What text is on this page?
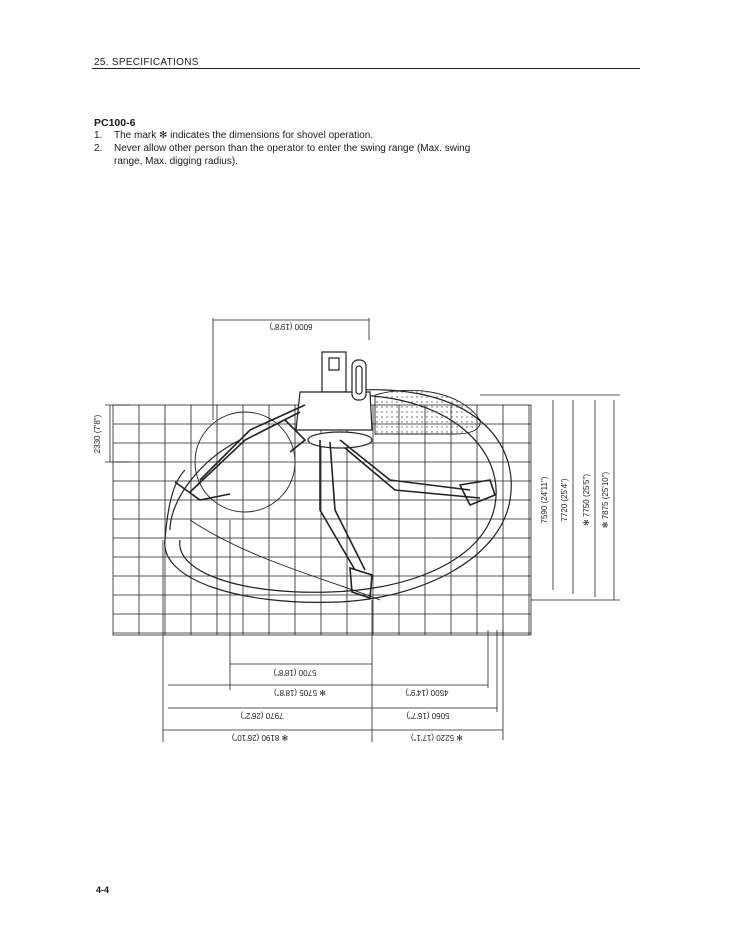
25. SPECIFICATIONS
PC100-6
1. The mark ✻ indicates the dimensions for shovel operation.
2. Never allow other person than the operator to enter the swing range (Max. swing range, Max. digging radius).
6000 (19'8")
2330 (7'8")
7590 (24'11") 7720 (25'4") ✻ 7750 (25'5") ✻ 7875 (25'10")
5700 (18'8")
✻ 5705 (18'8")	4500 (14'9")
7970 (26'2")	5060 (16'7")
✻ 8190 (26'10")	✻ 5220 (17'1")
4-4
